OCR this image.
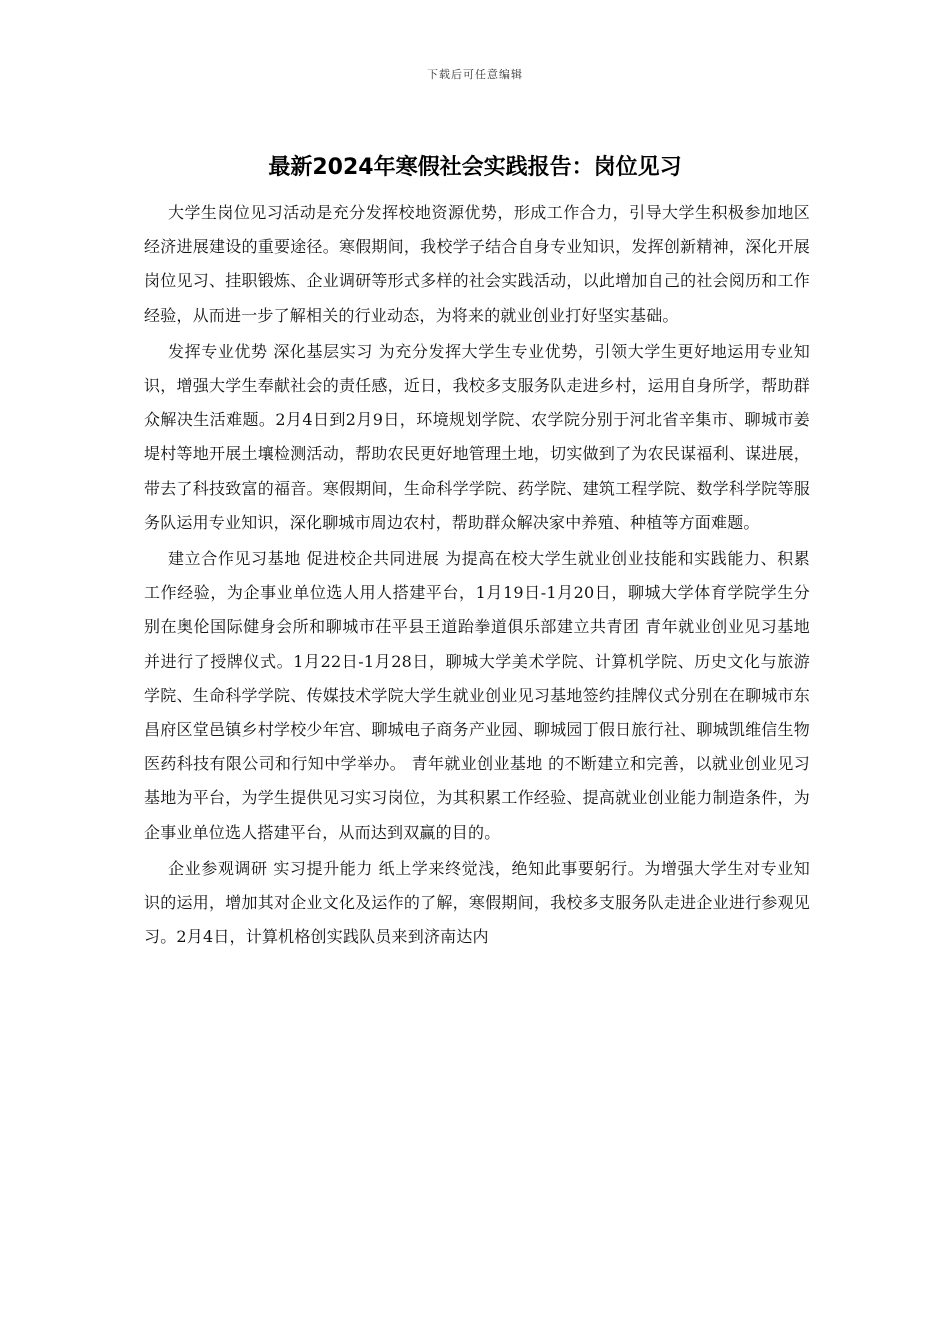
下载后可任意编辑
最新2024年寒假社会实践报告：岗位见习

大学生岗位见习活动是充分发挥校地资源优势，形成工作合力，引导大学生积极参加地区经济进展建设的重要途径。寒假期间，我校学子结合自身专业知识，发挥创新精神，深化开展岗位见习、挂职锻炼、企业调研等形式多样的社会实践活动，以此增加自己的社会阅历和工作经验，从而进一步了解相关的行业动态，为将来的就业创业打好坚实基础。

发挥专业优势 深化基层实习 为充分发挥大学生专业优势，引领大学生更好地运用专业知识，增强大学生奉献社会的责任感，近日，我校多支服务队走进乡村，运用自身所学，帮助群众解决生活难题。2月4日到2月9日，环境规划学院、农学院分别于河北省辛集市、聊城市姜堤村等地开展土壤检测活动，帮助农民更好地管理土地，切实做到了为农民谋福利、谋进展，带去了科技致富的福音。寒假期间，生命科学学院、药学院、建筑工程学院、数学科学院等服务队运用专业知识，深化聊城市周边农村，帮助群众解决家中养殖、种植等方面难题。

建立合作见习基地 促进校企共同进展 为提高在校大学生就业创业技能和实践能力、积累工作经验，为企事业单位选人用人搭建平台，1月19日-1月20日，聊城大学体育学院学生分别在奥伦国际健身会所和聊城市茌平县王道跆拳道俱乐部建立共青团 青年就业创业见习基地 并进行了授牌仪式。1月22日-1月28日，聊城大学美术学院、计算机学院、历史文化与旅游学院、生命科学学院、传媒技术学院大学生就业创业见习基地签约挂牌仪式分别在在聊城市东昌府区堂邑镇乡村学校少年宫、聊城电子商务产业园、聊城园丁假日旅行社、聊城凯维信生物医药科技有限公司和行知中学举办。 青年就业创业基地 的不断建立和完善，以就业创业见习基地为平台，为学生提供见习实习岗位，为其积累工作经验、提高就业创业能力制造条件，为企事业单位选人搭建平台，从而达到双赢的目的。

企业参观调研 实习提升能力 纸上学来终觉浅，绝知此事要躬行。为增强大学生对专业知识的运用，增加其对企业文化及运作的了解，寒假期间，我校多支服务队走进企业进行参观见习。2月4日，计算机格创实践队员来到济南达内
